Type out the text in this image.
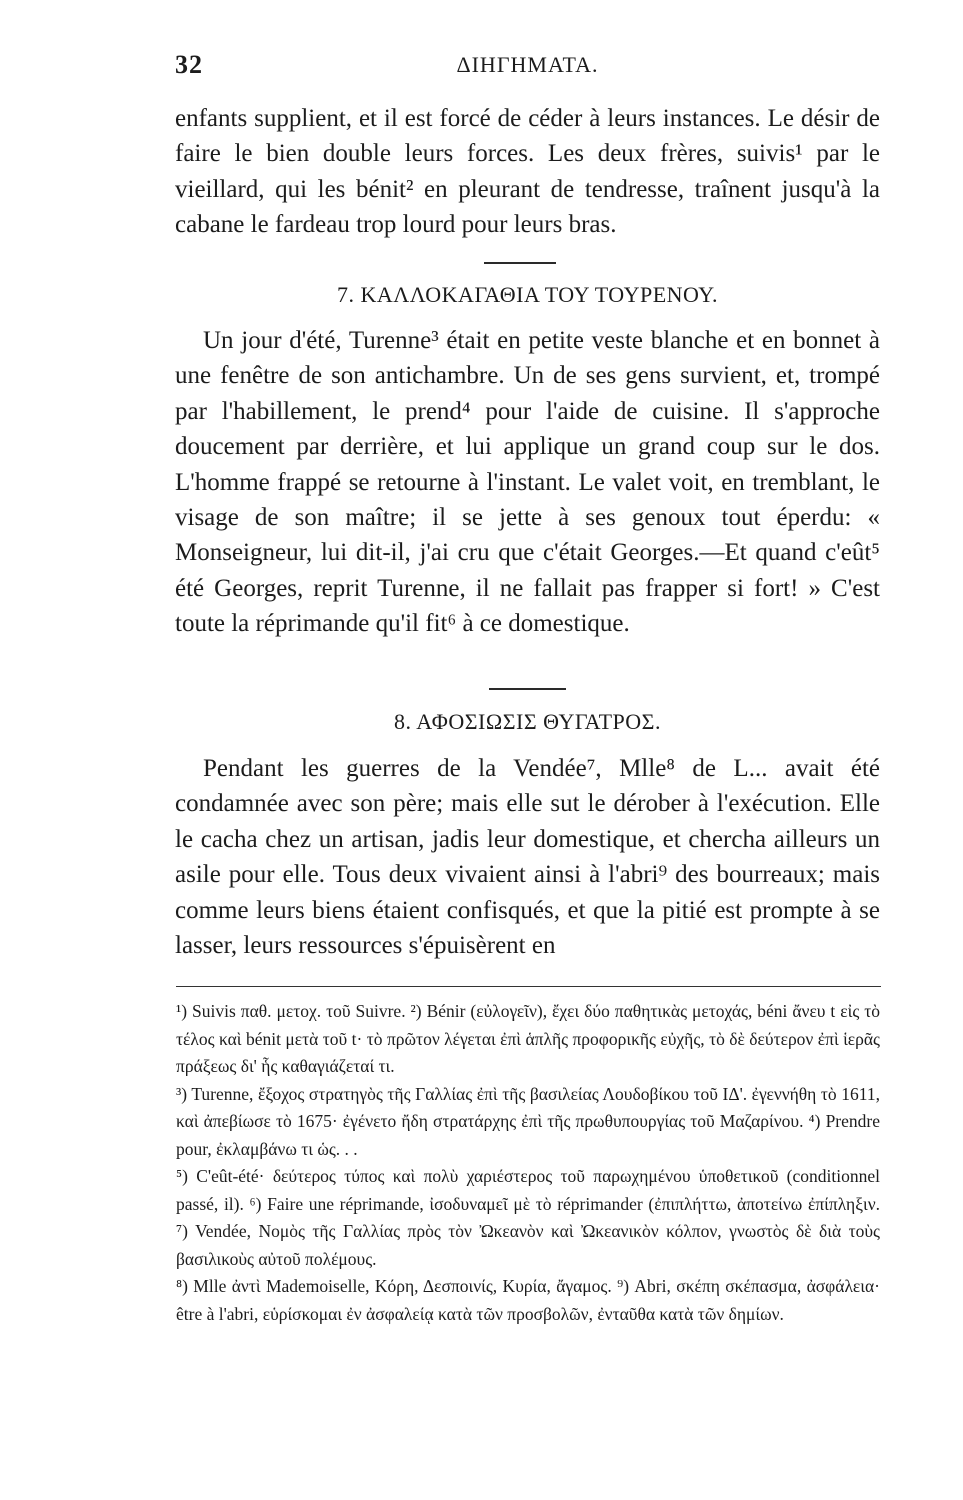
32	ΔΙΗΓΗΜΑΤΑ.

enfants supplient, et il est forcé de céder à leurs instances. Le désir de faire le bien double leurs forces. Les deux frères, suivis¹ par le vieillard, qui les bénit² en pleurant de tendresse, traînent jusqu'à la cabane le fardeau trop lourd pour leurs bras.

7. ΚΑΛΛΟΚΑΓΑΘΙΑ ΤΟΥ ΤΟΥΡΕΝΟΥ.

Un jour d'été, Turenne³ était en petite veste blanche et en bonnet à une fenêtre de son antichambre. Un de ses gens survient, et, trompé par l'habillement, le prend⁴ pour l'aide de cuisine. Il s'approche doucement par derrière, et lui applique un grand coup sur le dos. L'homme frappé se retourne à l'instant. Le valet voit, en tremblant, le visage de son maître; il se jette à ses genoux tout éperdu: « Monseigneur, lui dit-il, j'ai cru que c'était Georges.—Et quand c'eût⁵ été Georges, reprit Turenne, il ne fallait pas frapper si fort! » C'est toute la réprimande qu'il fit⁶ à ce domestique.

8. ΑΦΟΣΙΩΣΙΣ ΘΥΓΑΤΡΟΣ.

Pendant les guerres de la Vendée⁷, Mlle⁸ de L... avait été condamnée avec son père; mais elle sut le dérober à l'exécution. Elle le cacha chez un artisan, jadis leur domestique, et chercha ailleurs un asile pour elle. Tous deux vivaient ainsi à l'abri⁹ des bourreaux; mais comme leurs biens étaient confisqués, et que la pitié est prompte à se lasser, leurs ressources s'épuisèrent en

¹) Suivis παθ. μετοχ. τοῦ Suivre. ²) Bénir (εὐλογεῖν), ἔχει δύο παθητικὰς μετοχάς, béni ἄνευ t εἰς τὸ τέλος καὶ bénit μετὰ τοῦ t· τὸ πρῶτον λέγεται ἐπὶ ἁπλῆς προφορικῆς εὐχῆς, τὸ δὲ δεύτερον ἐπὶ ἱερᾶς πράξεως δι' ἧς καθαγιάζεταί τι.

³) Turenne, ἔξοχος στρατηγὸς τῆς Γαλλίας ἐπὶ τῆς βασιλείας Λουδοβίκου τοῦ ΙΔ'. ἐγεννήθη τὸ 1611, καὶ ἀπεβίωσε τὸ 1675· ἐγένετο ἤδη στρατάρχης ἐπὶ τῆς πρωθυπουργίας τοῦ Μαζαρίνου. ⁴) Prendre pour, ἐκλαμβάνω τι ὡς. . .

⁵) C'eût-été· δεύτερος τύπος καὶ πολὺ χαριέστερος τοῦ παρωχημένου ὑποθετικοῦ (conditionnel passé, il). ⁶) Faire une réprimande, ἰσοδυναμεῖ μὲ τὸ réprimander (ἐπιπλήττω, ἀποτείνω ἐπίπληξιν. ⁷) Vendée, Νομὸς τῆς Γαλλίας πρὸς τὸν Ὠκεανὸν καὶ Ὠκεανικὸν κόλπον, γνωστὸς δὲ διὰ τοὺς βασιλικοὺς αὐτοῦ πολέμους.

⁸) Mlle ἀντὶ Mademoiselle, Κόρη, Δεσποινίς, Κυρία, ἄγαμος. ⁹) Abri, σκέπη σκέπασμα, ἀσφάλεια· être à l'abri, εὑρίσκομαι ἐν ἀσφαλείᾳ κατὰ τῶν προσβολῶν, ἐνταῦθα κατὰ τῶν δημίων.
